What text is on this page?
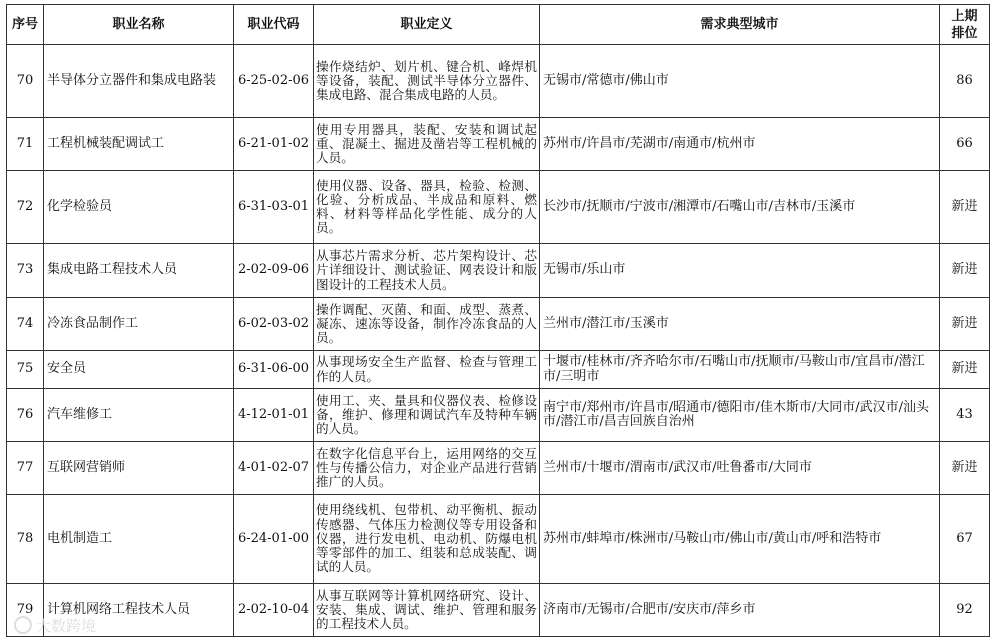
序号	职业名称	职业代码	职业定义	需求典型城市	上期排位

70	半导体分立器件和集成电路装	6-25-02-06	操作烧结炉、划片机、键合机、峰焊机等设备，装配、测试半导体分立器件、集成电路、混合集成电路的人员。	无锡市/常德市/佛山市	86
71	工程机械装配调试工	6-21-01-02	使用专用器具，装配、安装和调试起重、混凝土、掘进及凿岩等工程机械的人员。	苏州市/许昌市/芜湖市/南通市/杭州市	66
72	化学检验员	6-31-03-01	使用仪器、设备、器具，检验、检测、化验、分析成品、半成品和原料、燃料、材料等样品化学性能、成分的人员。	长沙市/抚顺市/宁波市/湘潭市/石嘴山市/吉林市/玉溪市	新进
73	集成电路工程技术人员	2-02-09-06	从事芯片需求分析、芯片架构设计、芯片详细设计、测试验证、网表设计和版图设计的工程技术人员。	无锡市/乐山市	新进
74	冷冻食品制作工	6-02-03-02	操作调配、灭菌、和面、成型、蒸煮、凝冻、速冻等设备，制作冷冻食品的人员。	兰州市/潜江市/玉溪市	新进
75	安全员	6-31-06-00	从事现场安全生产监督、检查与管理工作的人员。	十堰市/桂林市/齐齐哈尔市/石嘴山市/抚顺市/马鞍山市/宜昌市/潜江市/三明市	新进
76	汽车维修工	4-12-01-01	使用工、夹、量具和仪器仪表、检修设备，维护、修理和调试汽车及特种车辆的人员。	南宁市/郑州市/许昌市/昭通市/德阳市/佳木斯市/大同市/武汉市/汕头市/潜江市/昌吉回族自治州	43
77	互联网营销师	4-01-02-07	在数字化信息平台上，运用网络的交互性与传播公信力，对企业产品进行营销推广的人员。	兰州市/十堰市/渭南市/武汉市/吐鲁番市/大同市	新进
78	电机制造工	6-24-01-00	使用绕线机、包带机、动平衡机、振动传感器、气体压力检测仪等专用设备和仪器，进行发电机、电动机、防爆电机等零部件的加工、组装和总成装配、调试的人员。	苏州市/蚌埠市/株洲市/马鞍山市/佛山市/黄山市/呼和浩特市	67
79	计算机网络工程技术人员	2-02-10-04	从事互联网等计算机网络研究、设计、安装、集成、调试、维护、管理和服务的工程技术人员。	济南市/无锡市/合肥市/安庆市/萍乡市	92
大数跨境
